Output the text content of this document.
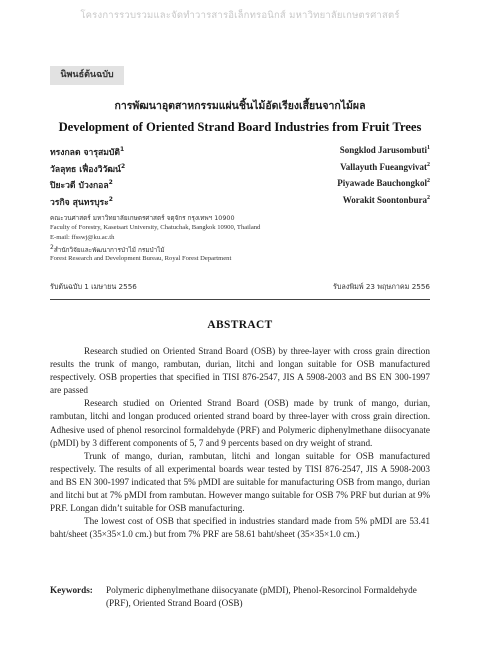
โครงการรวบรวมและจัดทำวารสารอิเล็กทรอนิกส์ มหาวิทยาลัยเกษตรศาสตร์
นิพนธ์ต้นฉบับ
การพัฒนาอุตสาหกรรมแผ่นชิ้นไม้อัดเรียงเสี้ยนจากไม้ผล
Development of Oriented Strand Board Industries from Fruit Trees
ทรงกลด จารุสมบัติ$^1$	Songklod Jarusombuti$^1$
วัลลุทธ เฟื่องวิวัฒน์$^2$	Vallayuth Fueangvivat$^2$
ปิยะวดี บัวงกอล$^2$	Piyawade Bauchongkol$^2$
วรกิจ สุนทรบุระ$^2$	Worakit Soontonbura$^2$
คณะวนศาสตร์ มหาวิทยาลัยเกษตรศาสตร์ จตุจักร กรุงเทพฯ 10900
Faculty of Forestry, Kasetsart University, Chatuchak, Bangkok 10900, Thailand
E-mail: ffsswj@ku.ac.th
$^2$สำนักวิจัยและพัฒนาการป่าไม้ กรมป่าไม้
Forest Research and Development Bureau, Royal Forest Department
รับต้นฉบับ 1 เมษายน 2556	รับลงพิมพ์ 23 พฤษภาคม 2556
ABSTRACT

Research studied on Oriented Strand Board (OSB) by three-layer with cross grain direction results the trunk of mango, rambutan, durian, litchi and longan suitable for OSB manufactured respectively. OSB properties that specified in TISI 876-2547, JIS A 5908-2003 and BS EN 300-1997 are passed

Research studied on Oriented Strand Board (OSB) made by trunk of mango, durian, rambutan, litchi and longan produced oriented strand board by three-layer with cross grain direction. Adhesive used of phenol resorcinol formaldehyde (PRF) and Polymeric diphenylmethane diisocyanate (pMDI) by 3 different components of 5, 7 and 9 percents based on dry weight of strand.

Trunk of mango, durian, rambutan, litchi and longan suitable for OSB manufactured respectively. The results of all experimental boards wear tested by TISI 876-2547, JIS A 5908-2003 and BS EN 300-1997 indicated that 5% pMDI are suitable for manufacturing OSB from mango, durian and litchi but at 7% pMDI from rambutan. However mango suitable for OSB 7% PRF but durian at 9% PRF. Longan didn’t suitable for OSB manufacturing.

The lowest cost of OSB that specified in industries standard made from 5% pMDI are 53.41 baht/sheet (35×35×1.0 cm.) but from 7% PRF are 58.61 baht/sheet (35×35×1.0 cm.)

Keywords: Polymeric diphenylmethane diisocyanate (pMDI), Phenol-Resorcinol Formaldehyde (PRF), Oriented Strand Board (OSB)
